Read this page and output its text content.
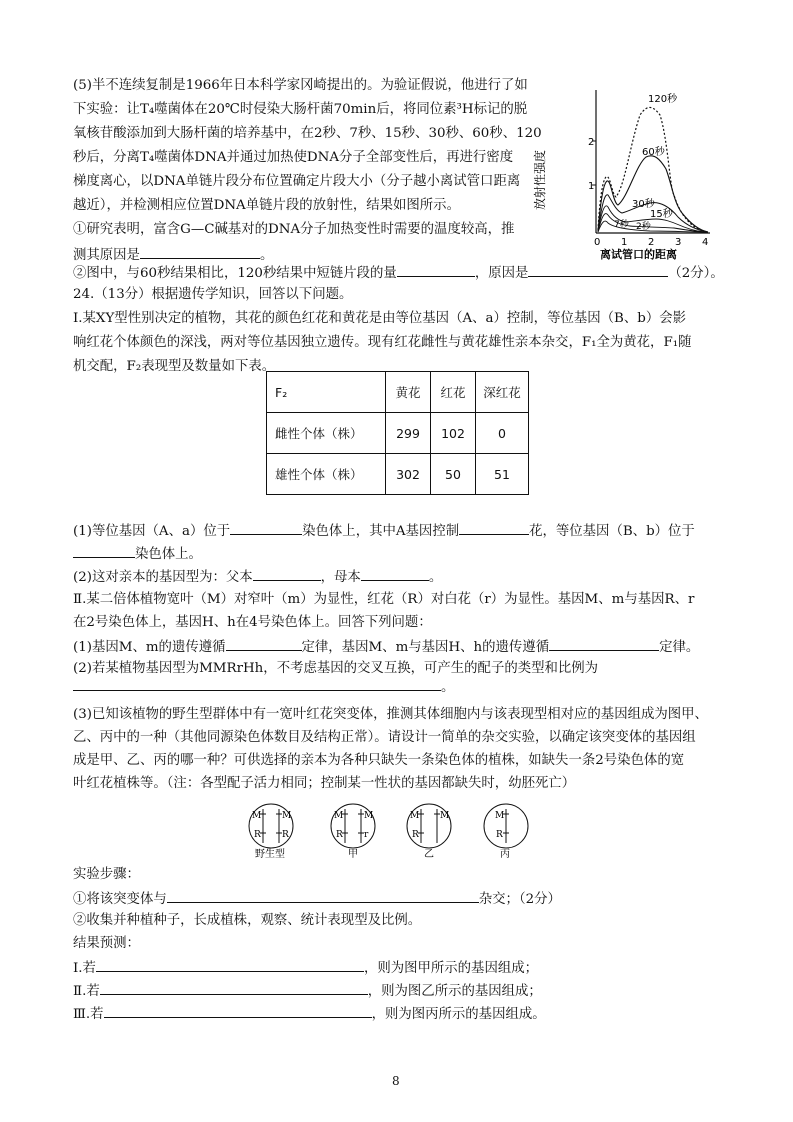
(5)半不连续复制是1966年日本科学家冈崎提出的。为验证假说，他进行了如
下实验：让T₄噬菌体在20℃时侵染大肠杆菌70min后，将同位素³H标记的脱
氧核苷酸添加到大肠杆菌的培养基中，在2秒、7秒、15秒、30秒、60秒、120
秒后，分离T₄噬菌体DNA并通过加热使DNA分子全部变性后，再进行密度
梯度离心，以DNA单链片段分布位置确定片段大小（分子越小离试管口距离
越近），并检测相应位置DNA单链片段的放射性，结果如图所示。
①研究表明，富含G—C碱基对的DNA分子加热变性时需要的温度较高，推
测其原因是	。
②图中，与60秒结果相比，120秒结果中短链片段的量	，原因是	（2分）。
放射性强度
2
1
0 1 2 3 4
离试管口的距离
120秒
60秒
30秒
15秒
7秒 2秒
24.（13分）根据遗传学知识，回答以下问题。
Ⅰ.某XY型性别决定的植物，其花的颜色红花和黄花是由等位基因（A、a）控制，等位基因（B、b）会影
响红花个体颜色的深浅，两对等位基因独立遗传。现有红花雌性与黄花雄性亲本杂交，F₁全为黄花，F₁随
机交配，F₂表现型及数量如下表。
F₂	黄花	红花	深红花
雌性个体（株）	299	102	0
雄性个体（株）	302	50	51
(1)等位基因（A、a）位于	染色体上，其中A基因控制	花，等位基因（B、b）位于
染色体上。
(2)这对亲本的基因型为：父本	，母本	。
Ⅱ.某二倍体植物宽叶（M）对窄叶（m）为显性，红花（R）对白花（r）为显性。基因M、m与基因R、r
在2号染色体上，基因H、h在4号染色体上。回答下列问题：
(1)基因M、m的遗传遵循	定律，基因M、m与基因H、h的遗传遵循	定律。
(2)若某植物基因型为MMRrHh，不考虑基因的交叉互换，可产生的配子的类型和比例为
。
(3)已知该植物的野生型群体中有一宽叶红花突变体，推测其体细胞内与该表现型相对应的基因组成为图甲、
乙、丙中的一种（其他同源染色体数目及结构正常）。请设计一简单的杂交实验，以确定该突变体的基因组
成是甲、乙、丙的哪一种？可供选择的亲本为各种只缺失一条染色体的植株，如缺失一条2号染色体的宽
叶红花植株等。（注：各型配子活力相同；控制某一性状的基因都缺失时，幼胚死亡）
M M
R R
M M
R r
M M
R
M
R
野生型	甲	乙	丙
实验步骤：
①将该突变体与	杂交；（2分）
②收集并种植种子，长成植株，观察、统计表现型及比例。
结果预测：
Ⅰ.若	，则为图甲所示的基因组成；
Ⅱ.若	，则为图乙所示的基因组成；
Ⅲ.若	，则为图丙所示的基因组成。
8
